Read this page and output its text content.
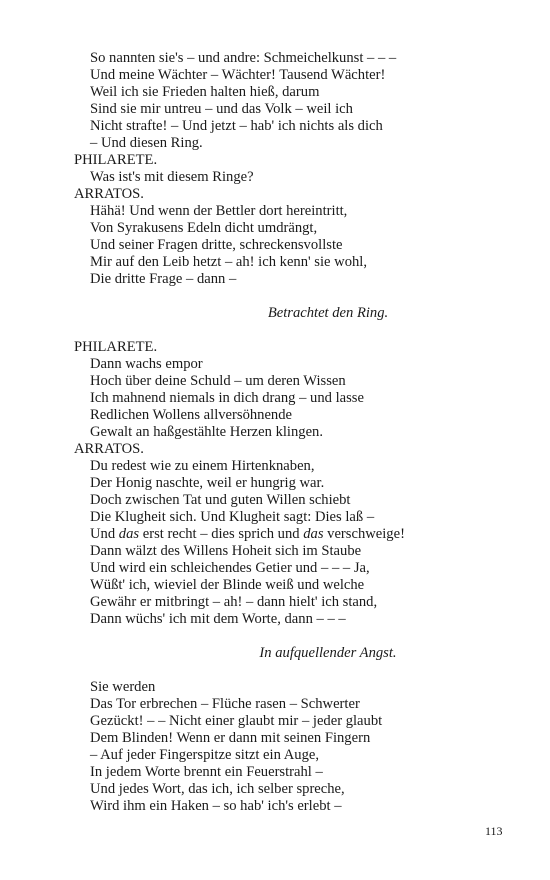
So nannten sie's – und andre: Schmeichelkunst – – –
Und meine Wächter – Wächter! Tausend Wächter!
Weil ich sie Frieden halten hieß, darum
Sind sie mir untreu – und das Volk – weil ich
Nicht strafte! – Und jetzt – hab' ich nichts als dich
– Und diesen Ring.
PHILARETE.
Was ist's mit diesem Ringe?
ARRATOS.
Hähä! Und wenn der Bettler dort hereintritt,
Von Syrakusens Edeln dicht umdrängt,
Und seiner Fragen dritte, schreckensvollste
Mir auf den Leib hetzt – ah! ich kenn' sie wohl,
Die dritte Frage – dann –
Betrachtet den Ring.
PHILARETE.
Dann wachs empor
Hoch über deine Schuld – um deren Wissen
Ich mahnend niemals in dich drang – und lasse
Redlichen Wollens allversöhnende
Gewalt an haßgestählte Herzen klingen.
ARRATOS.
Du redest wie zu einem Hirtenknaben,
Der Honig naschte, weil er hungrig war.
Doch zwischen Tat und guten Willen schiebt
Die Klugheit sich. Und Klugheit sagt: Dies laß –
Und das erst recht – dies sprich und das verschweige!
Dann wälzt des Willens Hoheit sich im Staube
Und wird ein schleichendes Getier und – – – Ja,
Wüßt' ich, wieviel der Blinde weiß und welche
Gewähr er mitbringt – ah! – dann hielt' ich stand,
Dann wüchs' ich mit dem Worte, dann – – –
In aufquellender Angst.
Sie werden
Das Tor erbrechen – Flüche rasen – Schwerter
Gezückt! – – Nicht einer glaubt mir – jeder glaubt
Dem Blinden! Wenn er dann mit seinen Fingern
– Auf jeder Fingerspitze sitzt ein Auge,
In jedem Worte brennt ein Feuerstrahl –
Und jedes Wort, das ich, ich selber spreche,
Wird ihm ein Haken – so hab' ich's erlebt –
113
